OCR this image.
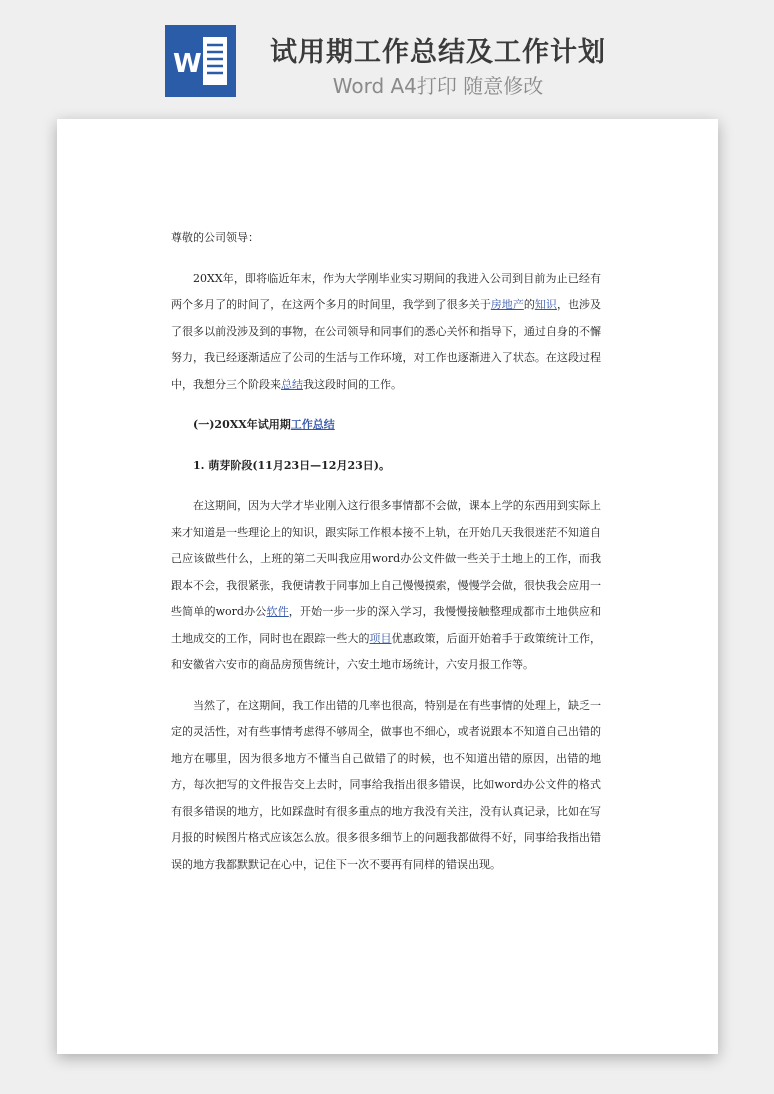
W	试用期工作总结及工作计划
Word A4打印 随意修改

尊敬的公司领导：

20XX年，即将临近年末，作为大学刚毕业实习期间的我进入公司到目前为止已经有两个多月了的时间了，在这两个多月的时间里，我学到了很多关于房地产的知识，也涉及了很多以前没涉及到的事物，在公司领导和同事们的悉心关怀和指导下，通过自身的不懈努力，我已经逐渐适应了公司的生活与工作环境，对工作也逐渐进入了状态。在这段过程中，我想分三个阶段来总结我这段时间的工作。

(一)20XX年试用期工作总结

1. 萌芽阶段(11月23日—12月23日)。

在这期间，因为大学才毕业刚入这行很多事情都不会做，课本上学的东西用到实际上来才知道是一些理论上的知识，跟实际工作根本接不上轨，在开始几天我很迷茫不知道自己应该做些什么，上班的第二天叫我应用word办公文件做一些关于土地上的工作，而我跟本不会，我很紧张，我便请教于同事加上自己慢慢摸索，慢慢学会做，很快我会应用一些简单的word办公软件，开始一步一步的深入学习，我慢慢接触整理成都市土地供应和土地成交的工作，同时也在跟踪一些大的项目优惠政策，后面开始着手于政策统计工作，和安徽省六安市的商品房预售统计，六安土地市场统计，六安月报工作等。

当然了，在这期间，我工作出错的几率也很高，特别是在有些事情的处理上，缺乏一定的灵活性，对有些事情考虑得不够周全，做事也不细心，或者说跟本不知道自己出错的地方在哪里，因为很多地方不懂当自己做错了的时候，也不知道出错的原因，出错的地方，每次把写的文件报告交上去时，同事给我指出很多错误，比如word办公文件的格式有很多错误的地方，比如踩盘时有很多重点的地方我没有关注，没有认真记录，比如在写月报的时候图片格式应该怎么放。很多很多细节上的问题我都做得不好，同事给我指出错误的地方我都默默记在心中，记住下一次不要再有同样的错误出现。
